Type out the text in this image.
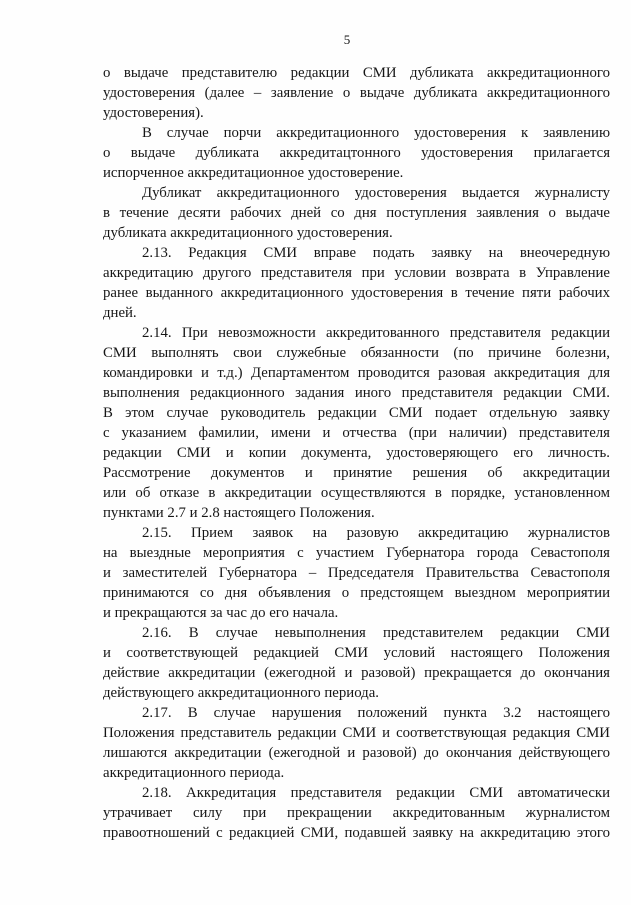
5
о выдаче представителю редакции СМИ дубликата аккредитационного
удостоверения (далее – заявление о выдаче дубликата аккредитационного
удостоверения).
В случае порчи аккредитационного удостоверения к заявлению
о выдаче дубликата аккредитацтонного удостоверения прилагается
испорченное аккредитационное удостоверение.
Дубликат аккредитационного удостоверения выдается журналисту
в течение десяти рабочих дней со дня поступления заявления о выдаче
дубликата аккредитационного удостоверения.
2.13. Редакция СМИ вправе подать заявку на внеочередную
аккредитацию другого представителя при условии возврата в Управление
ранее выданного аккредитационного удостоверения в течение пяти рабочих
дней.
2.14. При невозможности аккредитованного представителя редакции
СМИ выполнять свои служебные обязанности (по причине болезни,
командировки и т.д.) Департаментом проводится разовая аккредитация для
выполнения редакционного задания иного представителя редакции СМИ.
В этом случае руководитель редакции СМИ подает отдельную заявку
с указанием фамилии, имени и отчества (при наличии) представителя
редакции СМИ и копии документа, удостоверяющего его личность.
Рассмотрение документов и принятие решения об аккредитации
или об отказе в аккредитации осуществляются в порядке, установленном
пунктами 2.7 и 2.8 настоящего Положения.
2.15. Прием заявок на разовую аккредитацию журналистов
на выездные мероприятия с участием Губернатора города Севастополя
и заместителей Губернатора – Председателя Правительства Севастополя
принимаются со дня объявления о предстоящем выездном мероприятии
и прекращаются за час до его начала.
2.16. В случае невыполнения представителем редакции СМИ
и соответствующей редакцией СМИ условий настоящего Положения
действие аккредитации (ежегодной и разовой) прекращается до окончания
действующего аккредитационного периода.
2.17. В случае нарушения положений пункта 3.2 настоящего
Положения представитель редакции СМИ и соответствующая редакция СМИ
лишаются аккредитации (ежегодной и разовой) до окончания действующего
аккредитационного периода.
2.18. Аккредитация представителя редакции СМИ автоматически
утрачивает силу при прекращении аккредитованным журналистом
правоотношений с редакцией СМИ, подавшей заявку на аккредитацию этого
